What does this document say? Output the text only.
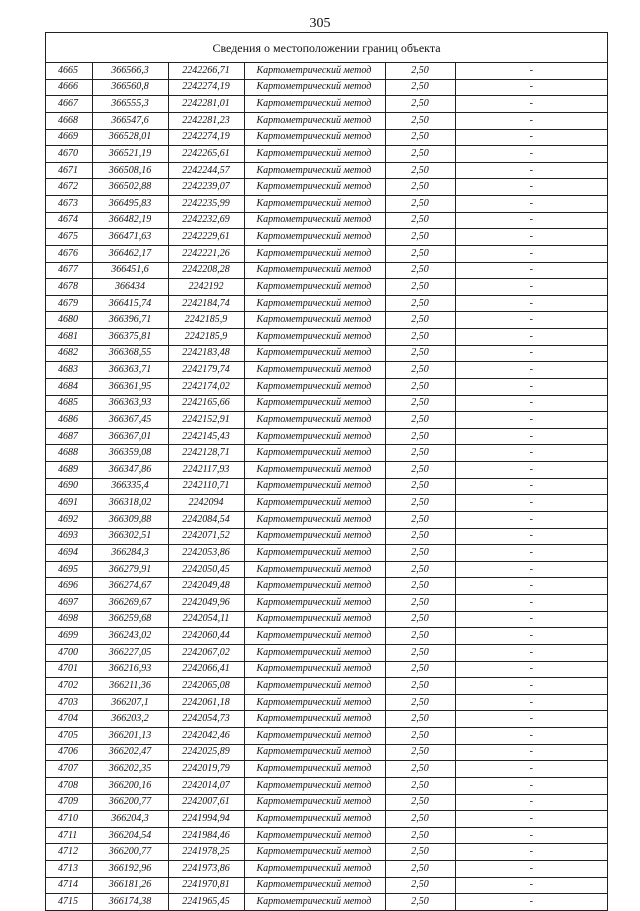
305
Сведения о местоположении границ объекта
4665	366566,3	2242266,71	Картометрический метод	2,50	-
4666	366560,8	2242274,19	Картометрический метод	2,50	-
4667	366555,3	2242281,01	Картометрический метод	2,50	-
4668	366547,6	2242281,23	Картометрический метод	2,50	-
4669	366528,01	2242274,19	Картометрический метод	2,50	-
4670	366521,19	2242265,61	Картометрический метод	2,50	-
4671	366508,16	2242244,57	Картометрический метод	2,50	-
4672	366502,88	2242239,07	Картометрический метод	2,50	-
4673	366495,83	2242235,99	Картометрический метод	2,50	-
4674	366482,19	2242232,69	Картометрический метод	2,50	-
4675	366471,63	2242229,61	Картометрический метод	2,50	-
4676	366462,17	2242221,26	Картометрический метод	2,50	-
4677	366451,6	2242208,28	Картометрический метод	2,50	-
4678	366434	2242192	Картометрический метод	2,50	-
4679	366415,74	2242184,74	Картометрический метод	2,50	-
4680	366396,71	2242185,9	Картометрический метод	2,50	-
4681	366375,81	2242185,9	Картометрический метод	2,50	-
4682	366368,55	2242183,48	Картометрический метод	2,50	-
4683	366363,71	2242179,74	Картометрический метод	2,50	-
4684	366361,95	2242174,02	Картометрический метод	2,50	-
4685	366363,93	2242165,66	Картометрический метод	2,50	-
4686	366367,45	2242152,91	Картометрический метод	2,50	-
4687	366367,01	2242145,43	Картометрический метод	2,50	-
4688	366359,08	2242128,71	Картометрический метод	2,50	-
4689	366347,86	2242117,93	Картометрический метод	2,50	-
4690	366335,4	2242110,71	Картометрический метод	2,50	-
4691	366318,02	2242094	Картометрический метод	2,50	-
4692	366309,88	2242084,54	Картометрический метод	2,50	-
4693	366302,51	2242071,52	Картометрический метод	2,50	-
4694	366284,3	2242053,86	Картометрический метод	2,50	-
4695	366279,91	2242050,45	Картометрический метод	2,50	-
4696	366274,67	2242049,48	Картометрический метод	2,50	-
4697	366269,67	2242049,96	Картометрический метод	2,50	-
4698	366259,68	2242054,11	Картометрический метод	2,50	-
4699	366243,02	2242060,44	Картометрический метод	2,50	-
4700	366227,05	2242067,02	Картометрический метод	2,50	-
4701	366216,93	2242066,41	Картометрический метод	2,50	-
4702	366211,36	2242065,08	Картометрический метод	2,50	-
4703	366207,1	2242061,18	Картометрический метод	2,50	-
4704	366203,2	2242054,73	Картометрический метод	2,50	-
4705	366201,13	2242042,46	Картометрический метод	2,50	-
4706	366202,47	2242025,89	Картометрический метод	2,50	-
4707	366202,35	2242019,79	Картометрический метод	2,50	-
4708	366200,16	2242014,07	Картометрический метод	2,50	-
4709	366200,77	2242007,61	Картометрический метод	2,50	-
4710	366204,3	2241994,94	Картометрический метод	2,50	-
4711	366204,54	2241984,46	Картометрический метод	2,50	-
4712	366200,77	2241978,25	Картометрический метод	2,50	-
4713	366192,96	2241973,86	Картометрический метод	2,50	-
4714	366181,26	2241970,81	Картометрический метод	2,50	-
4715	366174,38	2241965,45	Картометрический метод	2,50	-
